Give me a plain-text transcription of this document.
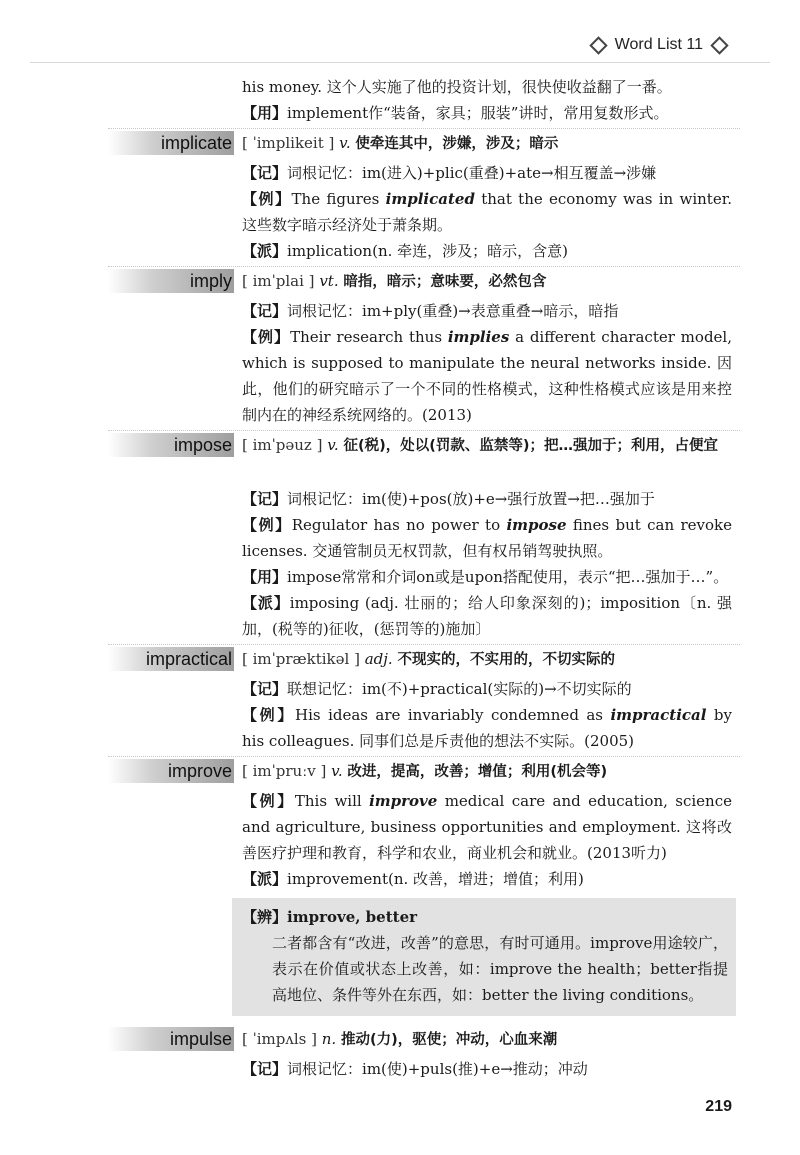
Word List 11
his money. 这个人实施了他的投资计划，很快使收益翻了一番。
【用】implement作“装备，家具；服装”讲时，常用复数形式。
implicate [ ˈimplikeit ] v. 使牵连其中，涉嫌，涉及；暗示
【记】词根记忆：im(进入)+plic(重叠)+ate→相互覆盖→涉嫌
【例】The figures implicated that the economy was in winter. 这些数字暗示经济处于萧条期。
【派】implication(n. 牵连，涉及；暗示，含意)
imply [ imˈplai ] vt. 暗指，暗示；意味要，必然包含
【记】词根记忆：im+ply(重叠)→表意重叠→暗示，暗指
【例】Their research thus implies a different character model, which is supposed to manipulate the neural networks inside. 因此，他们的研究暗示了一个不同的性格模式，这种性格模式应该是用来控制内在的神经系统网络的。(2013)
impose [ imˈpəuz ] v. 征(税)，处以(罚款、监禁等)；把…强加于；利用，占便宜
【记】词根记忆：im(使)+pos(放)+e→强行放置→把…强加于
【例】Regulator has no power to impose fines but can revoke licenses. 交通管制员无权罚款，但有权吊销驾驶执照。
【用】impose常常和介词on或是upon搭配使用，表示“把…强加于…”。
【派】imposing (adj. 壮丽的；给人印象深刻的)；imposition〔n. 强加，(税等的)征收，(惩罚等的)施加〕
impractical [ imˈpræktikəl ] adj. 不现实的，不实用的，不切实际的
【记】联想记忆：im(不)+practical(实际的)→不切实际的
【例】His ideas are invariably condemned as impractical by his colleagues. 同事们总是斥责他的想法不实际。(2005)
improve [ imˈpruːv ] v. 改进，提高，改善；增值；利用(机会等)
【例】This will improve medical care and education, science and agriculture, business opportunities and employment. 这将改善医疗护理和教育，科学和农业，商业机会和就业。(2013听力)
【派】improvement(n. 改善，增进；增值；利用)
【辨】improve, better
二者都含有“改进，改善”的意思，有时可通用。improve用途较广，表示在价值或状态上改善，如：improve the health；better指提高地位、条件等外在东西，如：better the living conditions。
impulse [ ˈimpʌls ] n. 推动(力)，驱使；冲动，心血来潮
【记】词根记忆：im(使)+puls(推)+e→推动；冲动
219
